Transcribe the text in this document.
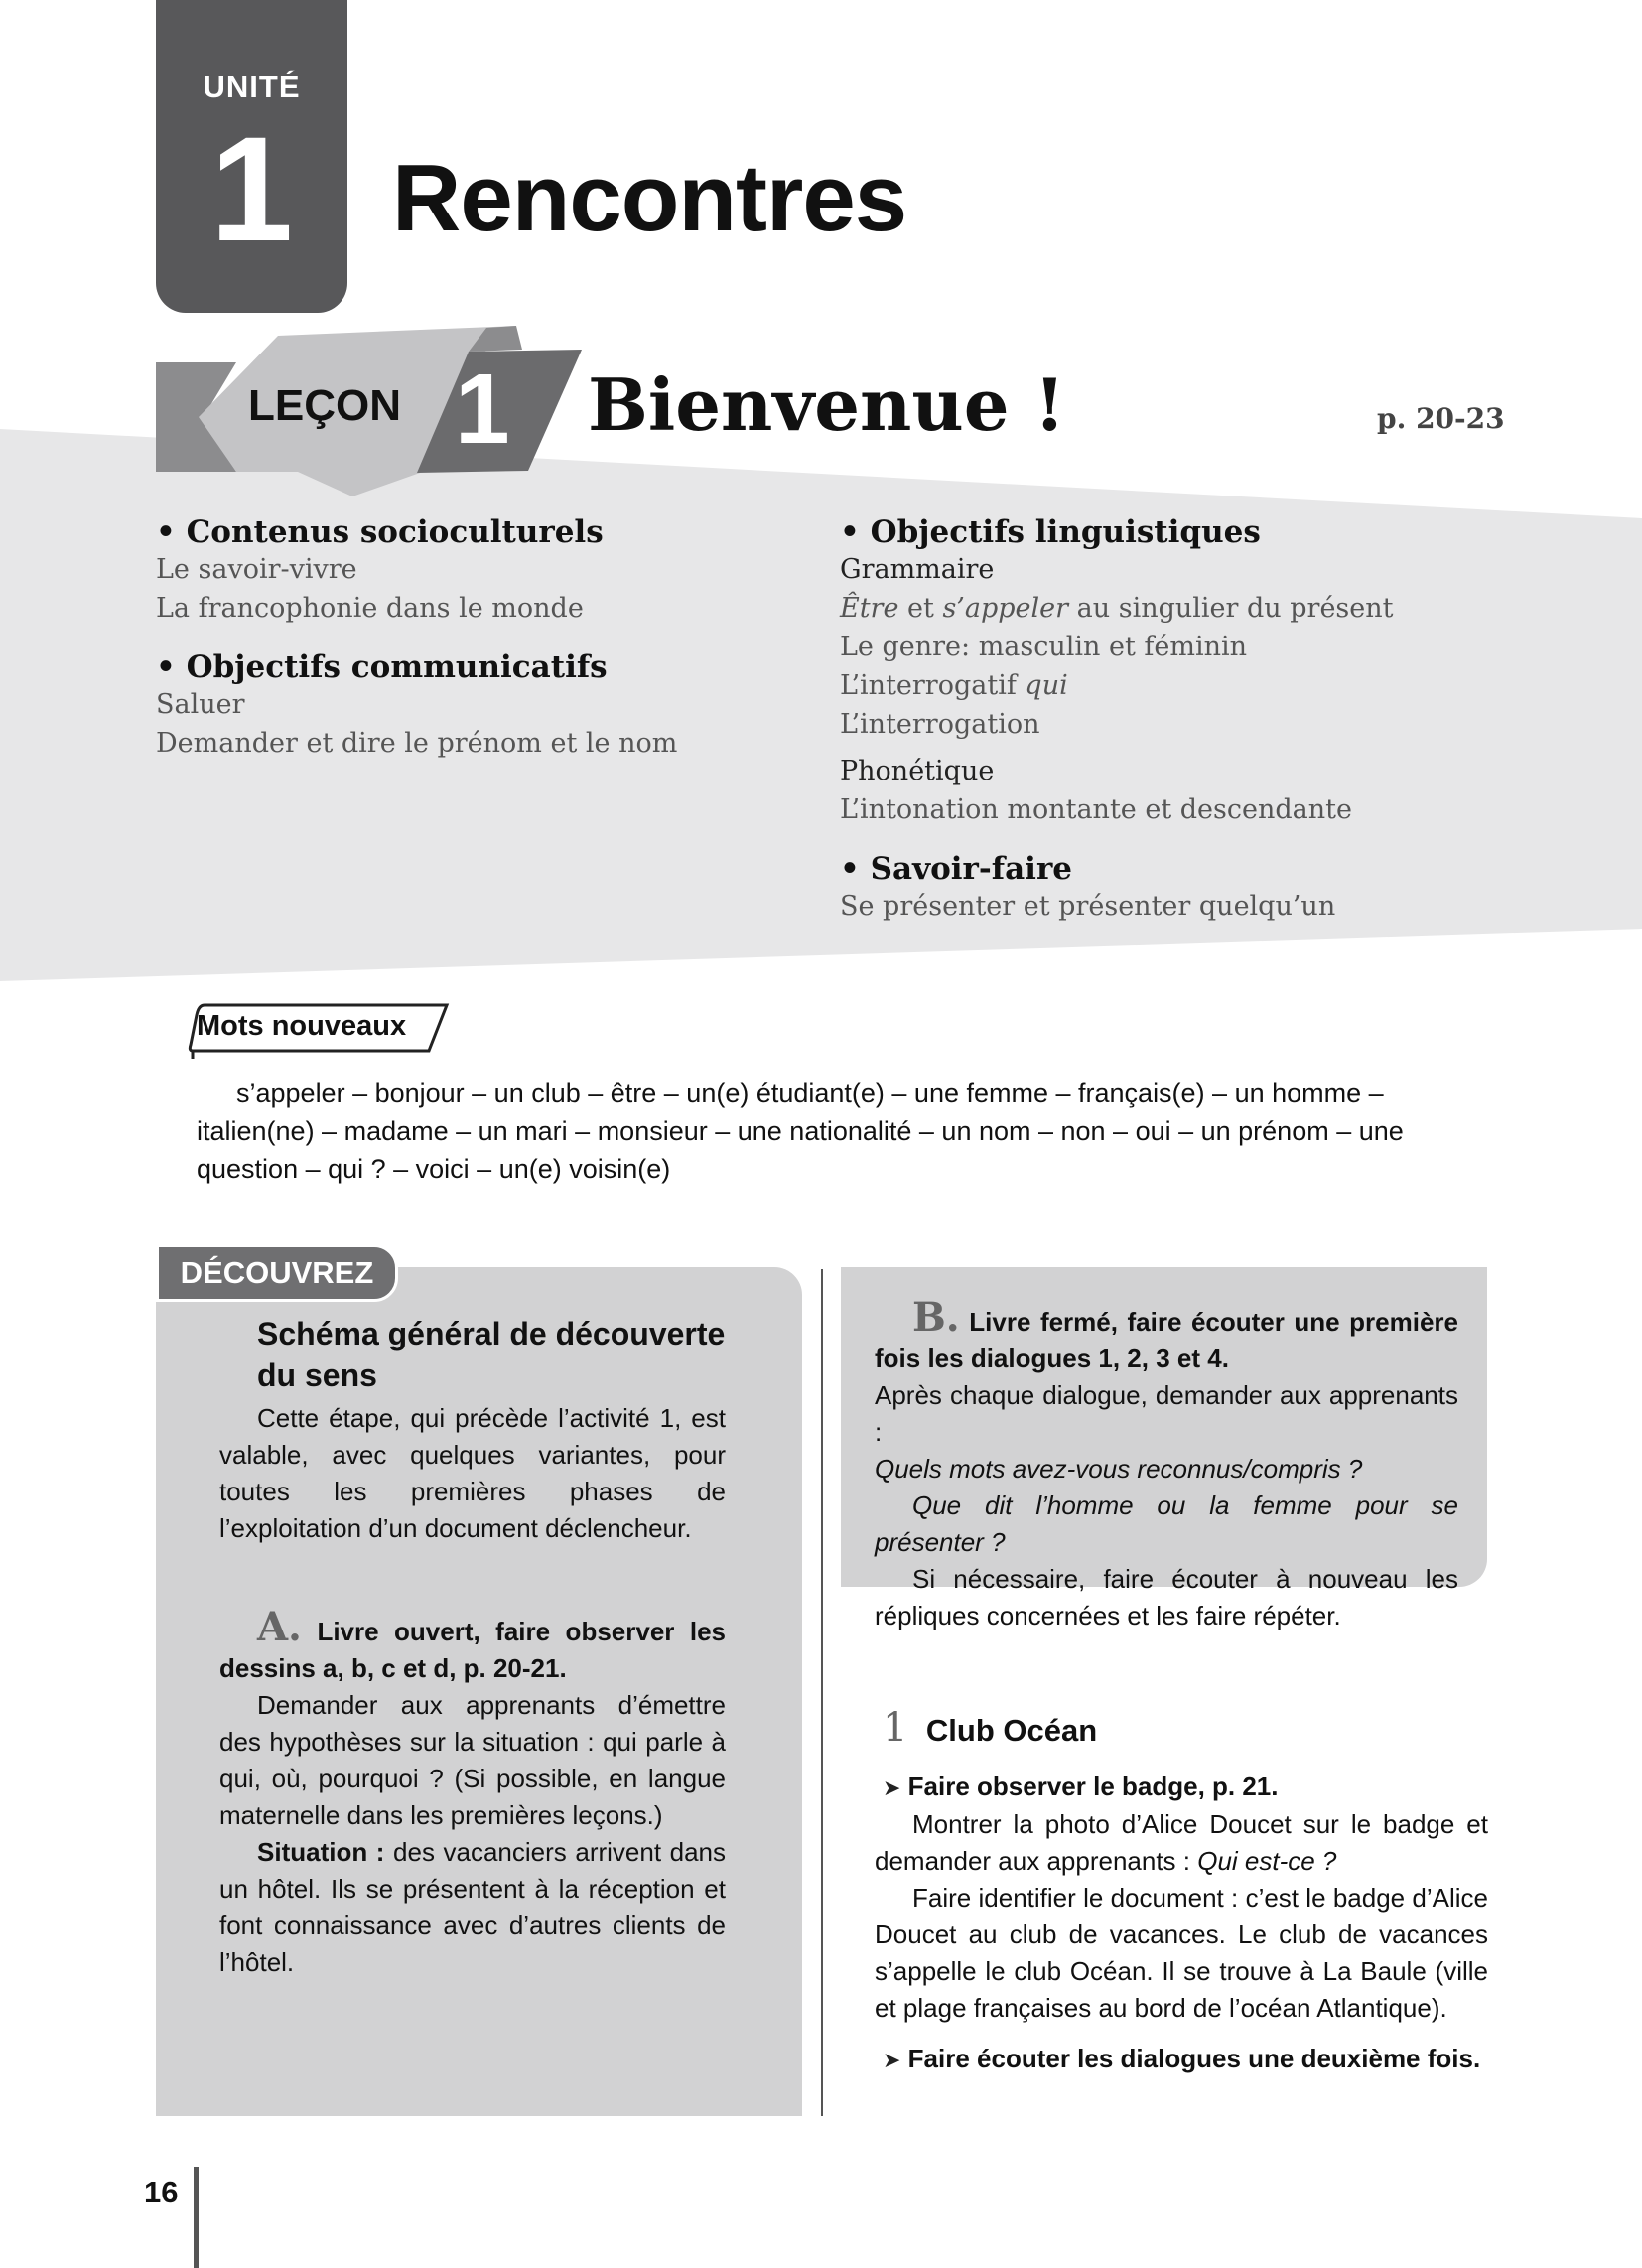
UNITÉ
1	Rencontres
LEÇON 1 Bienvenue !	p. 20-23
• Contenus socioculturels
Le savoir-vivre
La francophonie dans le monde
• Objectifs communicatifs
Saluer
Demander et dire le prénom et le nom
• Objectifs linguistiques
Grammaire
Être et s’appeler au singulier du présent
Le genre: masculin et féminin
L’interrogatif qui
L’interrogation
Phonétique
L’intonation montante et descendante
• Savoir-faire
Se présenter et présenter quelqu’un
Mots nouveaux
s’appeler – bonjour – un club – être – un(e) étudiant(e) – une femme – français(e) – un homme – italien(ne) – madame – un mari – monsieur – une nationalité – un nom – non – oui – un prénom – une question – qui ? – voici – un(e) voisin(e)
DÉCOUVREZ
Schéma général de découverte du sens
Cette étape, qui précède l’activité 1, est valable, avec quelques variantes, pour toutes les premières phases de l’exploitation d’un document déclencheur.
A. Livre ouvert, faire observer les dessins a, b, c et d, p. 20-21.
Demander aux apprenants d’émettre des hypothèses sur la situation : qui parle à qui, où, pourquoi ? (Si possible, en langue maternelle dans les premières leçons.)
Situation : des vacanciers arrivent dans un hôtel. Ils se présentent à la réception et font connaissance avec d’autres clients de l’hôtel.
B. Livre fermé, faire écouter une première fois les dialogues 1, 2, 3 et 4.
Après chaque dialogue, demander aux apprenants :
Quels mots avez-vous reconnus/compris ?
Que dit l’homme ou la femme pour se présenter ?
Si nécessaire, faire écouter à nouveau les répliques concernées et les faire répéter.
1 Club Océan
➤ Faire observer le badge, p. 21.
Montrer la photo d’Alice Doucet sur le badge et demander aux apprenants : Qui est-ce ?
Faire identifier le document : c’est le badge d’Alice Doucet au club de vacances. Le club de vacances s’appelle le club Océan. Il se trouve à La Baule (ville et plage françaises au bord de l’océan Atlantique).
➤ Faire écouter les dialogues une deuxième fois.
16
